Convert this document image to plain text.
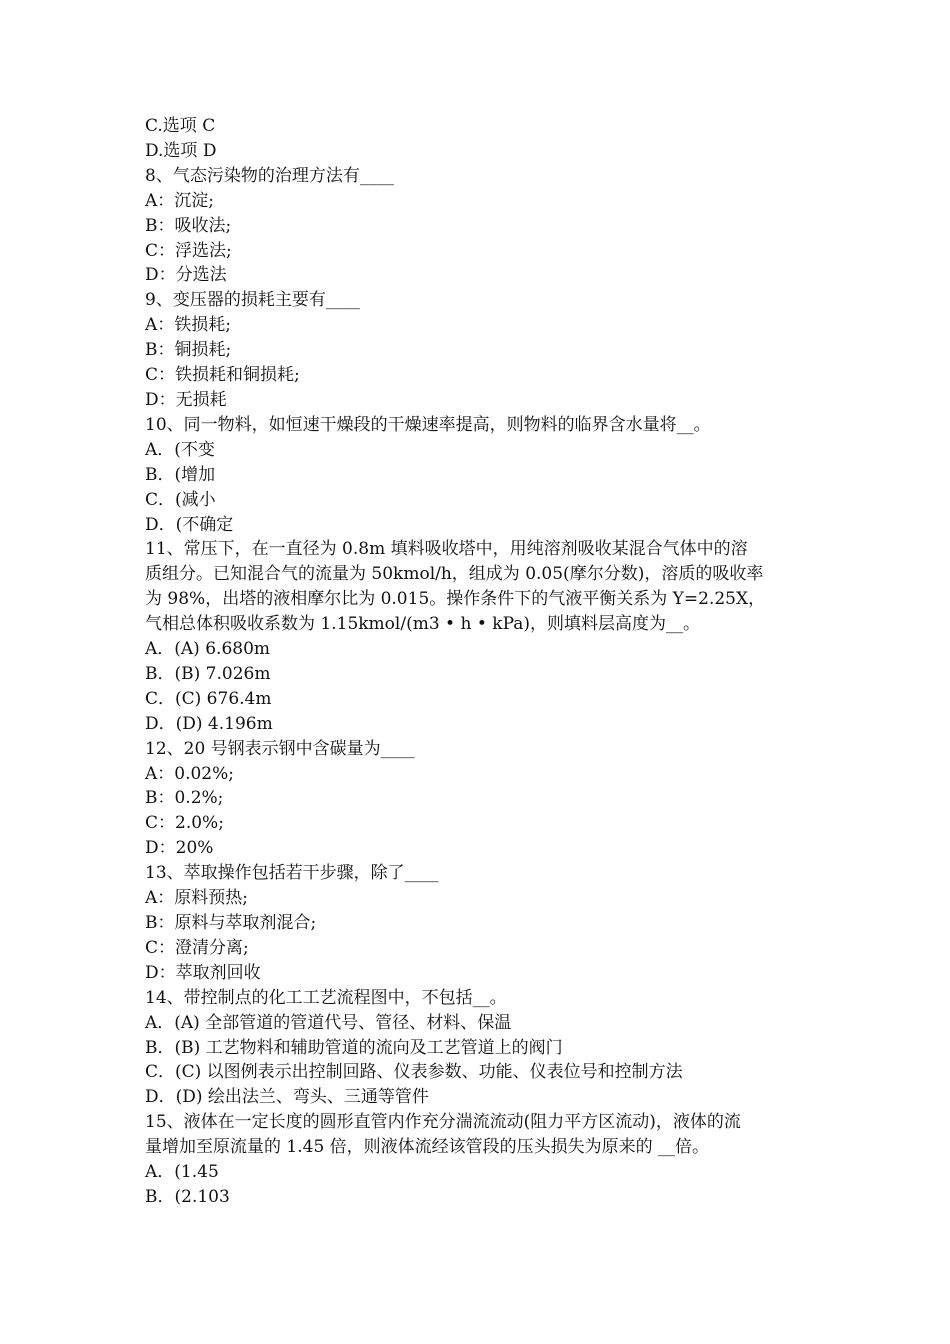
C.选项 C
D.选项 D
8、气态污染物的治理方法有____
A：沉淀;
B：吸收法;
C：浮选法;
D：分选法
9、变压器的损耗主要有____
A：铁损耗;
B：铜损耗;
C：铁损耗和铜损耗;
D：无损耗
10、同一物料，如恒速干燥段的干燥速率提高，则物料的临界含水量将__。
A．(不变
B．(增加
C．(减小
D．(不确定
11、常压下，在一直径为 0.8m 填料吸收塔中，用纯溶剂吸收某混合气体中的溶
质组分。已知混合气的流量为 50kmol/h，组成为 0.05(摩尔分数)，溶质的吸收率
为 98%，出塔的液相摩尔比为 0.015。操作条件下的气液平衡关系为 Y=2.25X，
气相总体积吸收系数为 1.15kmol/(m3 • h • kPa)，则填料层高度为__。
A．(A) 6.680m
B．(B) 7.026m
C．(C) 676.4m
D．(D) 4.196m
12、20 号钢表示钢中含碳量为____
A：0.02%;
B：0.2%;
C：2.0%;
D：20%
13、萃取操作包括若干步骤，除了____
A：原料预热;
B：原料与萃取剂混合;
C：澄清分离;
D：萃取剂回收
14、带控制点的化工工艺流程图中，不包括__。
A．(A) 全部管道的管道代号、管径、材料、保温
B．(B) 工艺物料和辅助管道的流向及工艺管道上的阀门
C．(C) 以图例表示出控制回路、仪表参数、功能、仪表位号和控制方法
D．(D) 绘出法兰、弯头、三通等管件
15、液体在一定长度的圆形直管内作充分湍流流动(阻力平方区流动)，液体的流
量增加至原流量的 1.45 倍，则液体流经该管段的压头损失为原来的 __倍。
A．(1.45
B．(2.103
